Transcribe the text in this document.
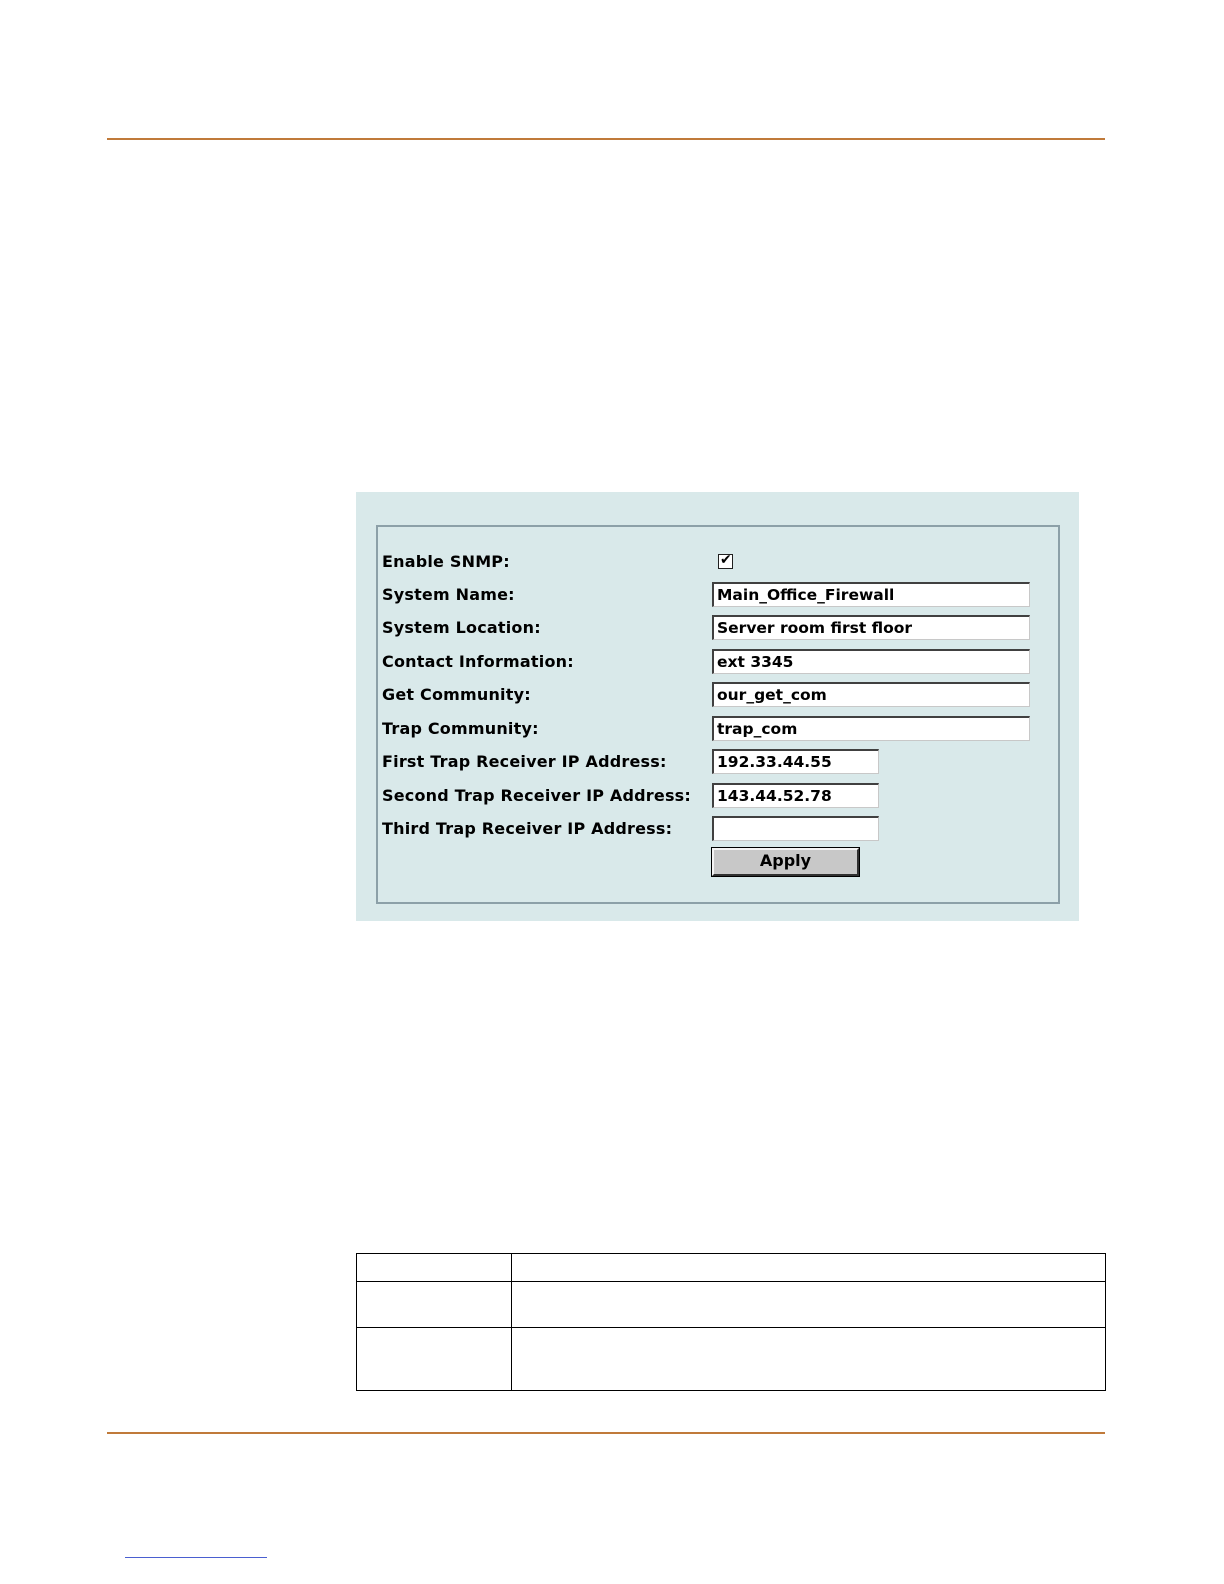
Enable SNMP:	✔
System Name:	Main_Office_Firewall
System Location:	Server room first floor
Contact Information:	ext 3345
Get Community:	our_get_com
Trap Community:	trap_com
First Trap Receiver IP Address:	192.33.44.55
Second Trap Receiver IP Address:	143.44.52.78
Third Trap Receiver IP Address:
Apply
